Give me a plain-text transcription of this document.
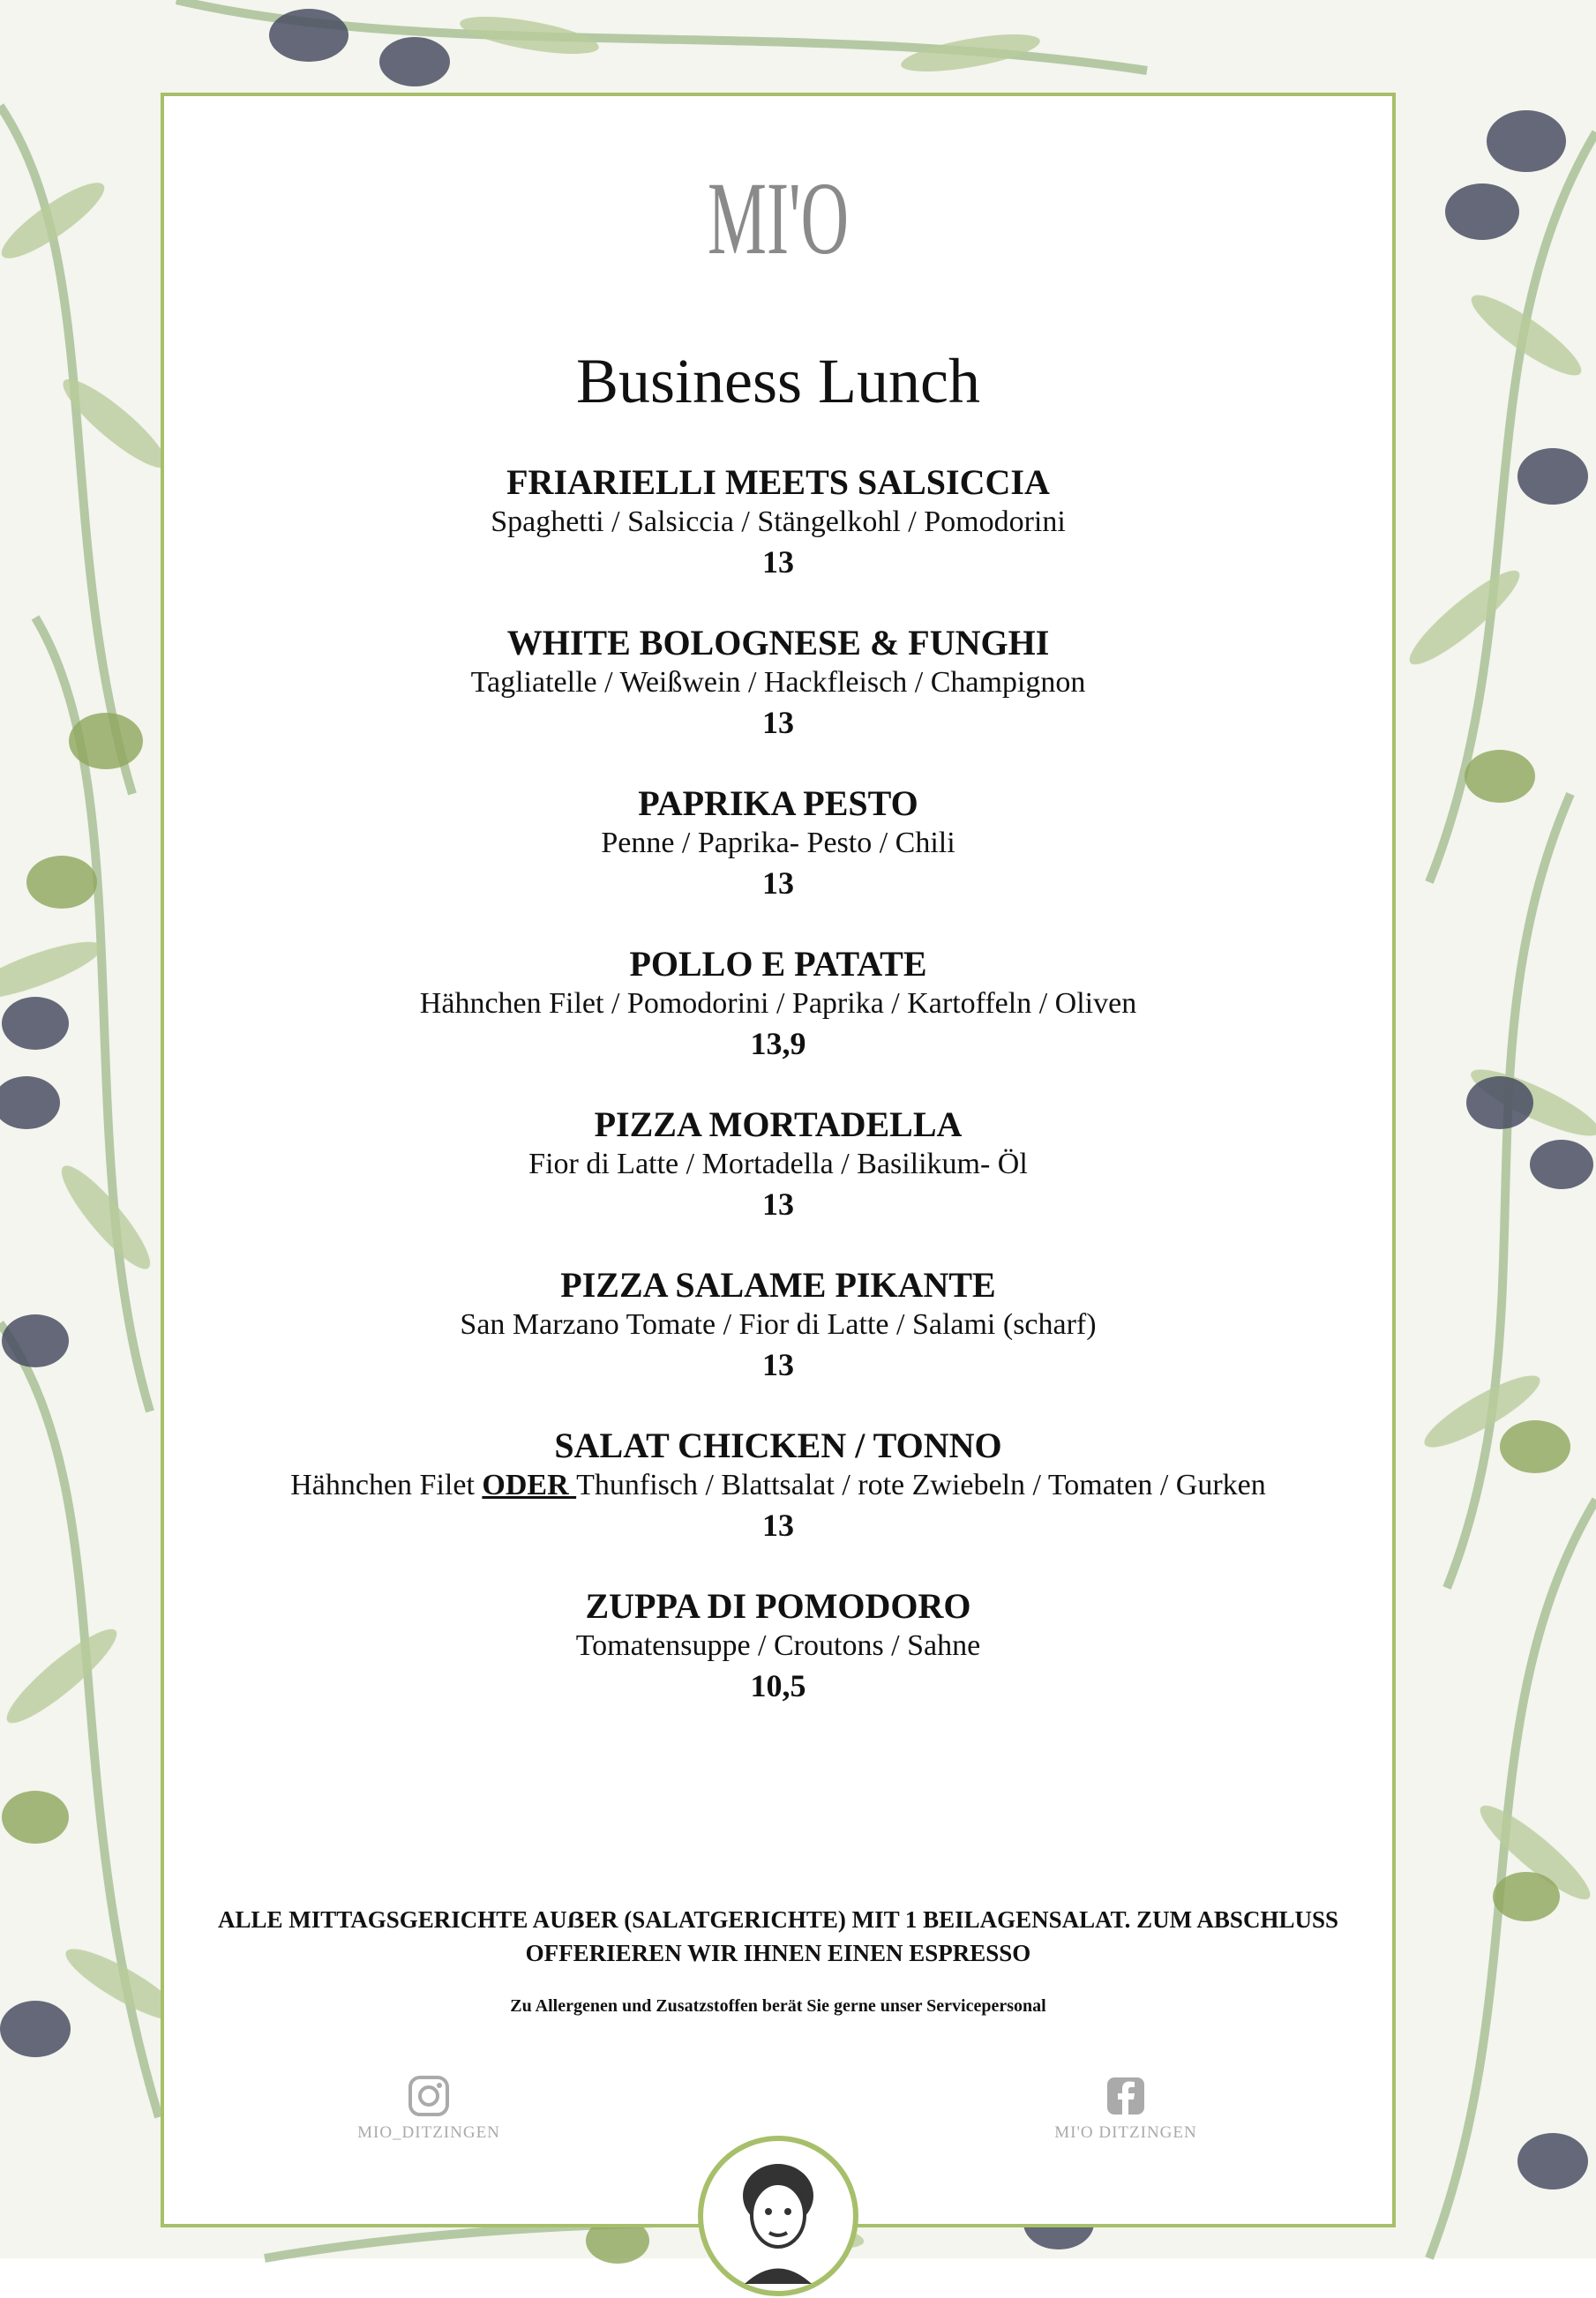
MI'O
Business Lunch
FRIARIELLI MEETS SALSICCIA
Spaghetti / Salsiccia / Stängelkohl / Pomodorini
13
WHITE BOLOGNESE & FUNGHI
Tagliatelle / Weißwein / Hackfleisch / Champignon
13
PAPRIKA PESTO
Penne / Paprika- Pesto / Chili
13
POLLO E PATATE
Hähnchen Filet / Pomodorini / Paprika / Kartoffeln / Oliven
13,9
PIZZA MORTADELLA
Fior di Latte / Mortadella / Basilikum- Öl
13
PIZZA SALAME PIKANTE
San Marzano Tomate / Fior di Latte / Salami (scharf)
13
SALAT CHICKEN / TONNO
Hähnchen Filet ODER Thunfisch / Blattsalat / rote Zwiebeln / Tomaten / Gurken
13
ZUPPA DI POMODORO
Tomatensuppe / Croutons / Sahne
10,5
ALLE MITTAGSGERICHTE AUẞER (SALATGERICHTE) MIT 1 BEILAGENSALAT. ZUM ABSCHLUSS OFFERIEREN WIR IHNEN EINEN ESPRESSO
Zu Allergenen und Zusatzstoffen berät Sie gerne unser Servicepersonal
MIO_DITZINGEN	MI'O DITZINGEN
